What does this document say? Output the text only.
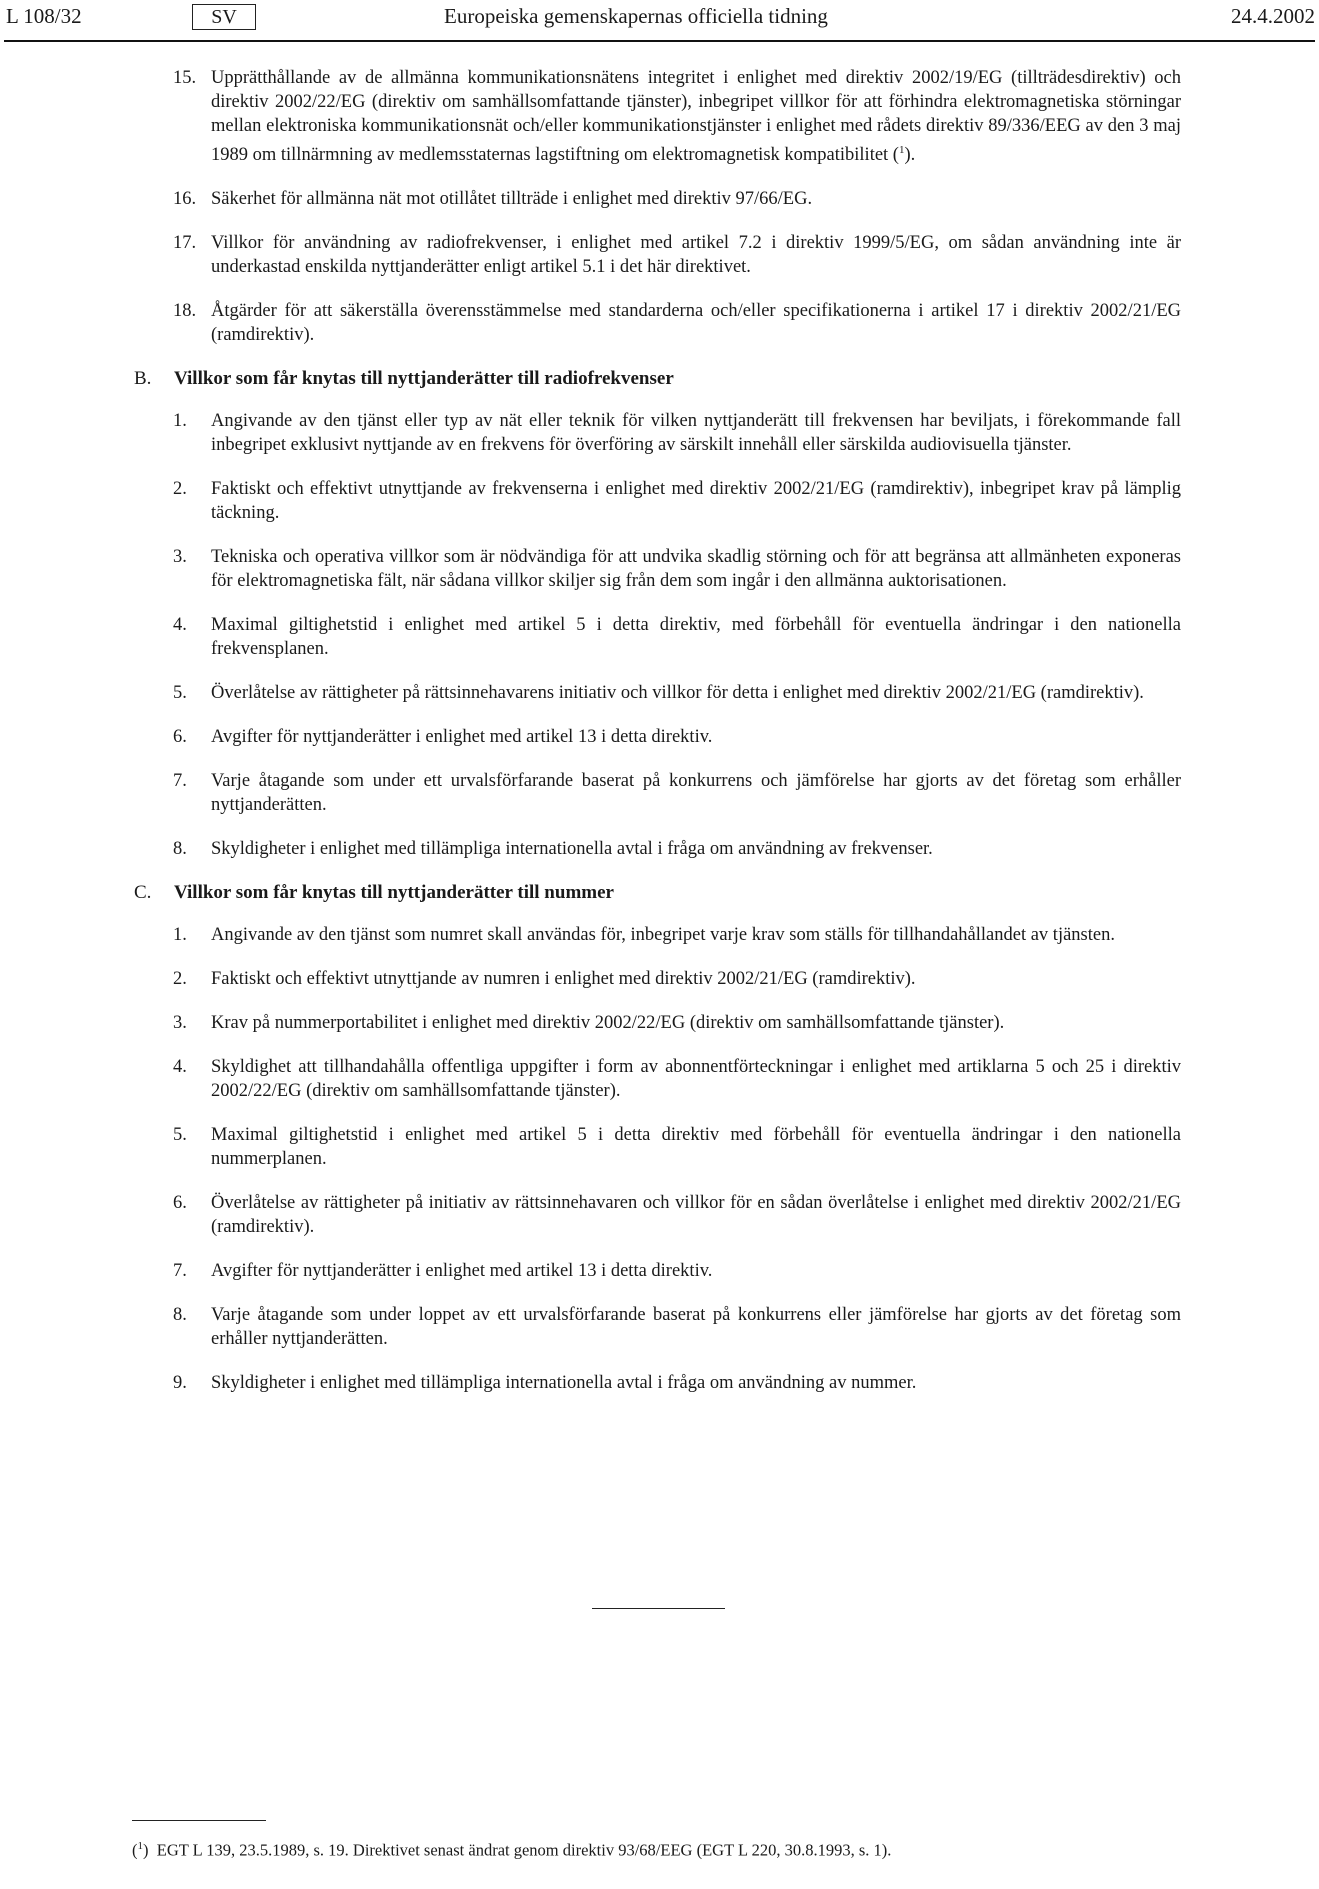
L 108/32	SV	Europeiska gemenskapernas officiella tidning	24.4.2002
15. Upprätthållande av de allmänna kommunikationsnätens integritet i enlighet med direktiv 2002/19/EG (tillträdesdirektiv) och direktiv 2002/22/EG (direktiv om samhällsomfattande tjänster), inbegripet villkor för att förhindra elektromagnetiska störningar mellan elektroniska kommunikationsnät och/eller kommunikationstjänster i enlighet med rådets direktiv 89/336/EEG av den 3 maj 1989 om tillnärmning av medlemsstaternas lagstiftning om elektromagnetisk kompatibilitet ($^1$).
16. Säkerhet för allmänna nät mot otillåtet tillträde i enlighet med direktiv 97/66/EG.
17. Villkor för användning av radiofrekvenser, i enlighet med artikel 7.2 i direktiv 1999/5/EG, om sådan användning inte är underkastad enskilda nyttjanderätter enligt artikel 5.1 i det här direktivet.
18. Åtgärder för att säkerställa överensstämmelse med standarderna och/eller specifikationerna i artikel 17 i direktiv 2002/21/EG (ramdirektiv).
B. Villkor som får knytas till nyttjanderätter till radiofrekvenser
1. Angivande av den tjänst eller typ av nät eller teknik för vilken nyttjanderätt till frekvensen har beviljats, i förekommande fall inbegripet exklusivt nyttjande av en frekvens för överföring av särskilt innehåll eller särskilda audiovisuella tjänster.
2. Faktiskt och effektivt utnyttjande av frekvenserna i enlighet med direktiv 2002/21/EG (ramdirektiv), inbegripet krav på lämplig täckning.
3. Tekniska och operativa villkor som är nödvändiga för att undvika skadlig störning och för att begränsa att allmänheten exponeras för elektromagnetiska fält, när sådana villkor skiljer sig från dem som ingår i den allmänna auktorisationen.
4. Maximal giltighetstid i enlighet med artikel 5 i detta direktiv, med förbehåll för eventuella ändringar i den nationella frekvensplanen.
5. Överlåtelse av rättigheter på rättsinnehavarens initiativ och villkor för detta i enlighet med direktiv 2002/21/EG (ramdirektiv).
6. Avgifter för nyttjanderätter i enlighet med artikel 13 i detta direktiv.
7. Varje åtagande som under ett urvalsförfarande baserat på konkurrens och jämförelse har gjorts av det företag som erhåller nyttjanderätten.
8. Skyldigheter i enlighet med tillämpliga internationella avtal i fråga om användning av frekvenser.
C. Villkor som får knytas till nyttjanderätter till nummer
1. Angivande av den tjänst som numret skall användas för, inbegripet varje krav som ställs för tillhandahållandet av tjänsten.
2. Faktiskt och effektivt utnyttjande av numren i enlighet med direktiv 2002/21/EG (ramdirektiv).
3. Krav på nummerportabilitet i enlighet med direktiv 2002/22/EG (direktiv om samhällsomfattande tjänster).
4. Skyldighet att tillhandahålla offentliga uppgifter i form av abonnentförteckningar i enlighet med artiklarna 5 och 25 i direktiv 2002/22/EG (direktiv om samhällsomfattande tjänster).
5. Maximal giltighetstid i enlighet med artikel 5 i detta direktiv med förbehåll för eventuella ändringar i den nationella nummerplanen.
6. Överlåtelse av rättigheter på initiativ av rättsinnehavaren och villkor för en sådan överlåtelse i enlighet med direktiv 2002/21/EG (ramdirektiv).
7. Avgifter för nyttjanderätter i enlighet med artikel 13 i detta direktiv.
8. Varje åtagande som under loppet av ett urvalsförfarande baserat på konkurrens eller jämförelse har gjorts av det företag som erhåller nyttjanderätten.
9. Skyldigheter i enlighet med tillämpliga internationella avtal i fråga om användning av nummer.
($^1$)  EGT L 139, 23.5.1989, s. 19. Direktivet senast ändrat genom direktiv 93/68/EEG (EGT L 220, 30.8.1993, s. 1).
